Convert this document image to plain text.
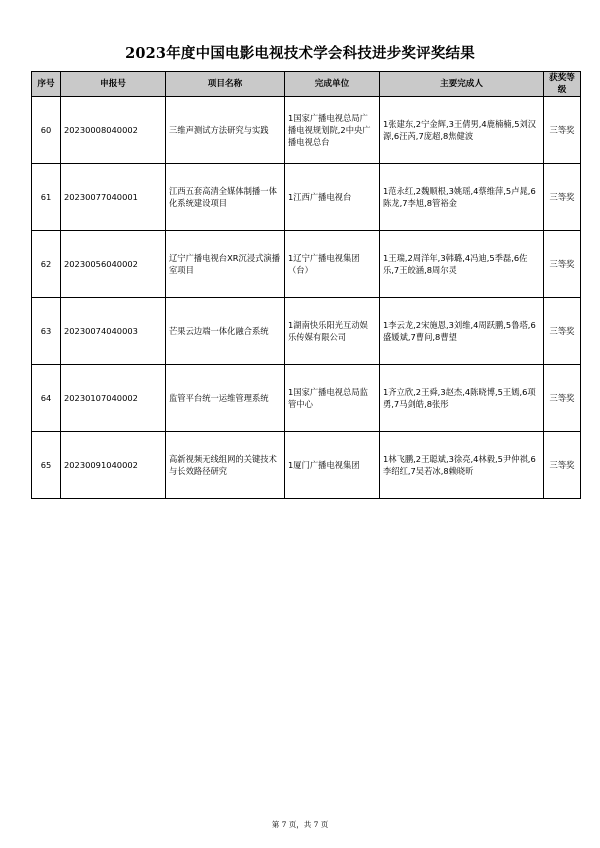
2023年度中国电影电视技术学会科技进步奖评奖结果
序号	申报号	项目名称	完成单位	主要完成人	获奖等级
60	20230008040002	三维声测试方法研究与实践	1国家广播电视总局广播电视规划院,2中央广播电视总台	1张建东,2宁金辉,3王倩男,4鹿楠楠,5刘汉源,6汪芮,7庞超,8焦健波	三等奖
61	20230077040001	江西五套高清全媒体制播一体化系统建设项目	1江西广播电视台	1范永红,2魏顺根,3姚瑶,4蔡维萍,5卢晁,6陈龙,7李旭,8管裕金	三等奖
62	20230056040002	辽宁广播电视台XR沉浸式演播室项目	1辽宁广播电视集团（台）	1王瑞,2周洋年,3韩璐,4冯迪,5季磊,6佐乐,7王皎涵,8周尔灵	三等奖
63	20230074040003	芒果云边端一体化融合系统	1湖南快乐阳光互动娱乐传媒有限公司	1李云龙,2宋施恩,3刘维,4周跃鹏,5鲁塔,6盛媛斌,7曹问,8曹望	三等奖
64	20230107040002	监管平台统一运维管理系统	1国家广播电视总局监管中心	1齐立欣,2王舜,3赵杰,4陈晓博,5王嫣,6项勇,7马剑皓,8张彤	三等奖
65	20230091040002	高新视频无线组网的关键技术与长效路径研究	1厦门广播电视集团	1林飞鹏,2王聪斌,3徐亮,4林毅,5尹仲祺,6李绍红,7吴若冰,8赖晓昕	三等奖
第 7 页，共 7 页
